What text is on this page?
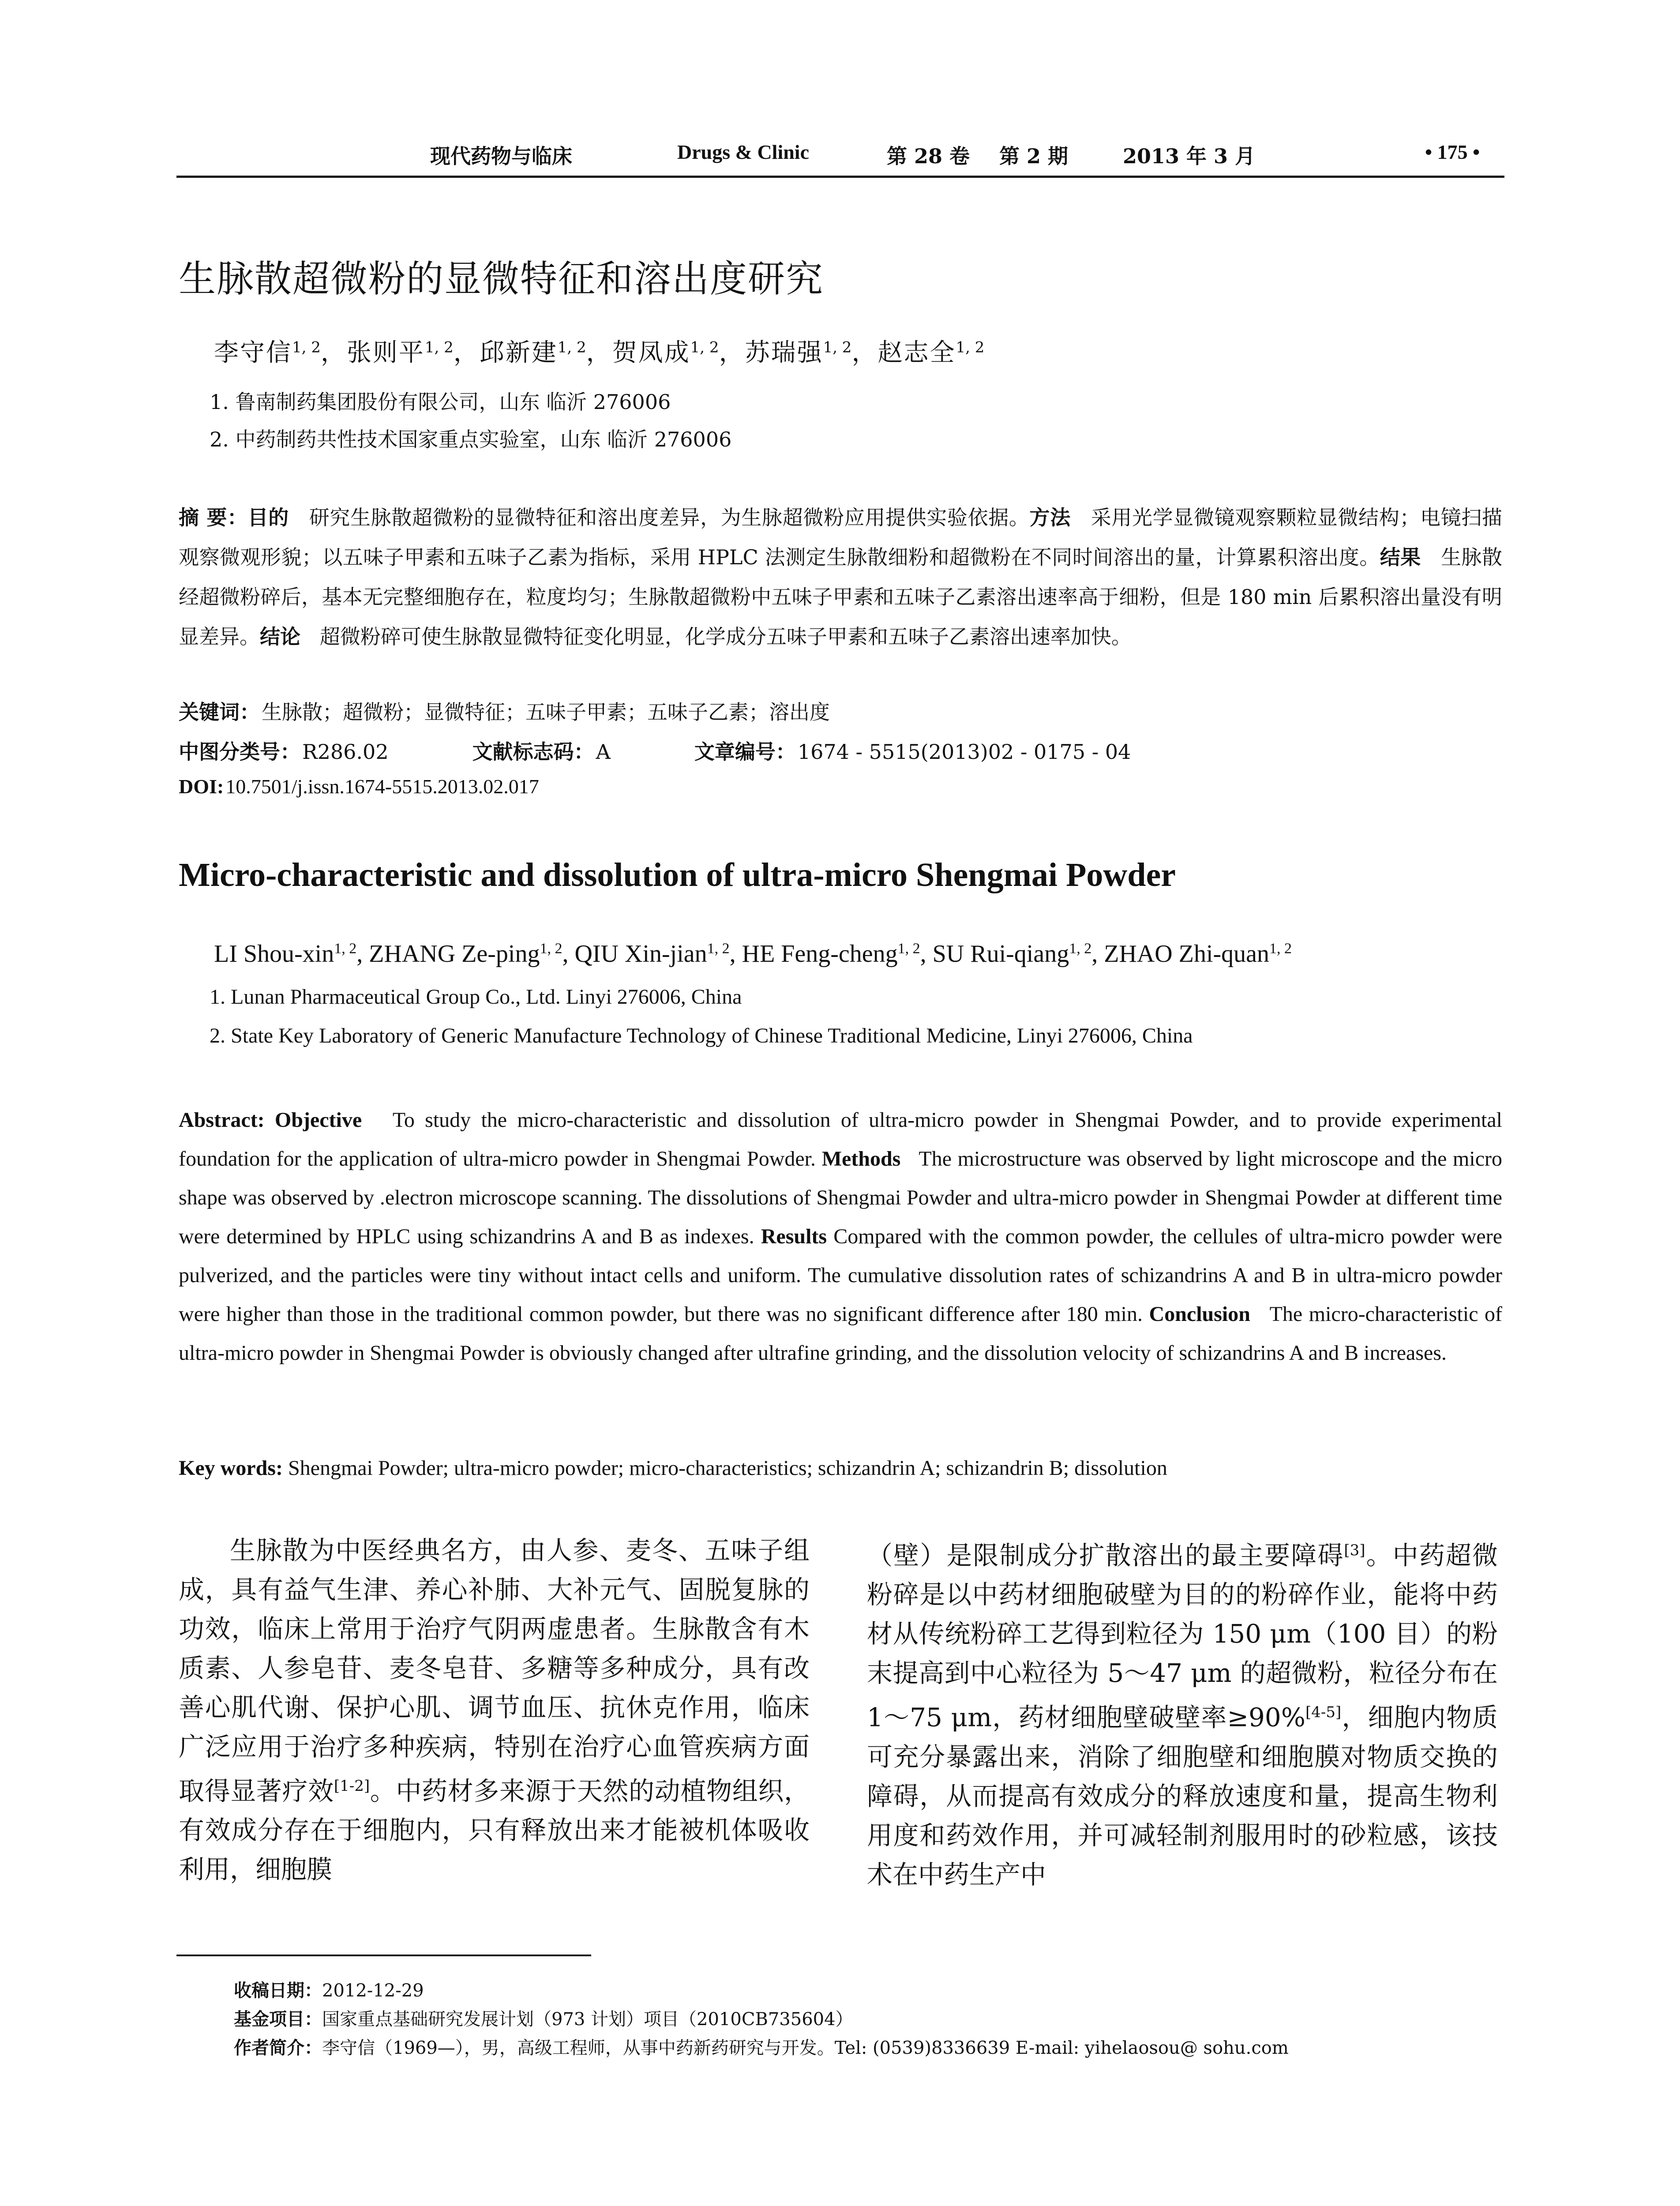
现代药物与临床	Drugs & Clinic	第 28 卷 第 2 期	2013 年 3 月	• 175 •
生脉散超微粉的显微特征和溶出度研究
李守信$^{1, 2}$，张则平$^{1, 2}$，邱新建$^{1, 2}$，贺凤成$^{1, 2}$，苏瑞强$^{1, 2}$，赵志全$^{1, 2}$
1. 鲁南制药集团股份有限公司，山东 临沂 276006
2. 中药制药共性技术国家重点实验室，山东 临沂 276006
摘 要：目的 研究生脉散超微粉的显微特征和溶出度差异，为生脉超微粉应用提供实验依据。方法 采用光学显微镜观察颗粒显微结构；电镜扫描观察微观形貌；以五味子甲素和五味子乙素为指标，采用 HPLC 法测定生脉散细粉和超微粉在不同时间溶出的量，计算累积溶出度。结果 生脉散经超微粉碎后，基本无完整细胞存在，粒度均匀；生脉散超微粉中五味子甲素和五味子乙素溶出速率高于细粉，但是 180 min 后累积溶出量没有明显差异。结论 超微粉碎可使生脉散显微特征变化明显，化学成分五味子甲素和五味子乙素溶出速率加快。
关键词：生脉散；超微粉；显微特征；五味子甲素；五味子乙素；溶出度
中图分类号：R286.02	文献标志码：A	文章编号：1674 - 5515(2013)02 - 0175 - 04
DOI:10.7501/j.issn.1674-5515.2013.02.017
Micro-characteristic and dissolution of ultra-micro Shengmai Powder
LI Shou-xin$^{1, 2}$, ZHANG Ze-ping$^{1, 2}$, QIU Xin-jian$^{1, 2}$, HE Feng-cheng$^{1, 2}$, SU Rui-qiang$^{1, 2}$, ZHAO Zhi-quan$^{1, 2}$
1. Lunan Pharmaceutical Group Co., Ltd. Linyi 276006, China
2. State Key Laboratory of Generic Manufacture Technology of Chinese Traditional Medicine, Linyi 276006, China
Abstract: Objective To study the micro-characteristic and dissolution of ultra-micro powder in Shengmai Powder, and to provide experimental foundation for the application of ultra-micro powder in Shengmai Powder. Methods The microstructure was observed by light microscope and the micro shape was observed by .electron microscope scanning. The dissolutions of Shengmai Powder and ultra-micro powder in Shengmai Powder at different time were determined by HPLC using schizandrins A and B as indexes. Results Compared with the common powder, the cellules of ultra-micro powder were pulverized, and the particles were tiny without intact cells and uniform. The cumulative dissolution rates of schizandrins A and B in ultra-micro powder were higher than those in the traditional common powder, but there was no significant difference after 180 min. Conclusion The micro-characteristic of ultra-micro powder in Shengmai Powder is obviously changed after ultrafine grinding, and the dissolution velocity of schizandrins A and B increases.
Key words: Shengmai Powder; ultra-micro powder; micro-characteristics; schizandrin A; schizandrin B; dissolution
生脉散为中医经典名方，由人参、麦冬、五味子组成，具有益气生津、养心补肺、大补元气、固脱复脉的功效，临床上常用于治疗气阴两虚患者。生脉散含有木质素、人参皂苷、麦冬皂苷、多糖等多种成分，具有改善心肌代谢、保护心肌、调节血压、抗休克作用，临床广泛应用于治疗多种疾病，特别在治疗心血管疾病方面取得显著疗效[1-2]。中药材多来源于天然的动植物组织，有效成分存在于细胞内，只有释放出来才能被机体吸收利用，细胞膜
（壁）是限制成分扩散溶出的最主要障碍[3]。中药超微粉碎是以中药材细胞破壁为目的的粉碎作业，能将中药材从传统粉碎工艺得到粒径为 150 μm（100 目）的粉末提高到中心粒径为 5～47 μm 的超微粉，粒径分布在 1～75 μm，药材细胞壁破壁率≥90%[4-5]，细胞内物质可充分暴露出来，消除了细胞壁和细胞膜对物质交换的障碍，从而提高有效成分的释放速度和量，提高生物利用度和药效作用，并可减轻制剂服用时的砂粒感，该技术在中药生产中
收稿日期：2012-12-29
基金项目：国家重点基础研究发展计划（973 计划）项目（2010CB735604）
作者简介：李守信（1969—），男，高级工程师，从事中药新药研究与开发。Tel: (0539)8336639 E-mail: yihelaosou@ sohu.com
